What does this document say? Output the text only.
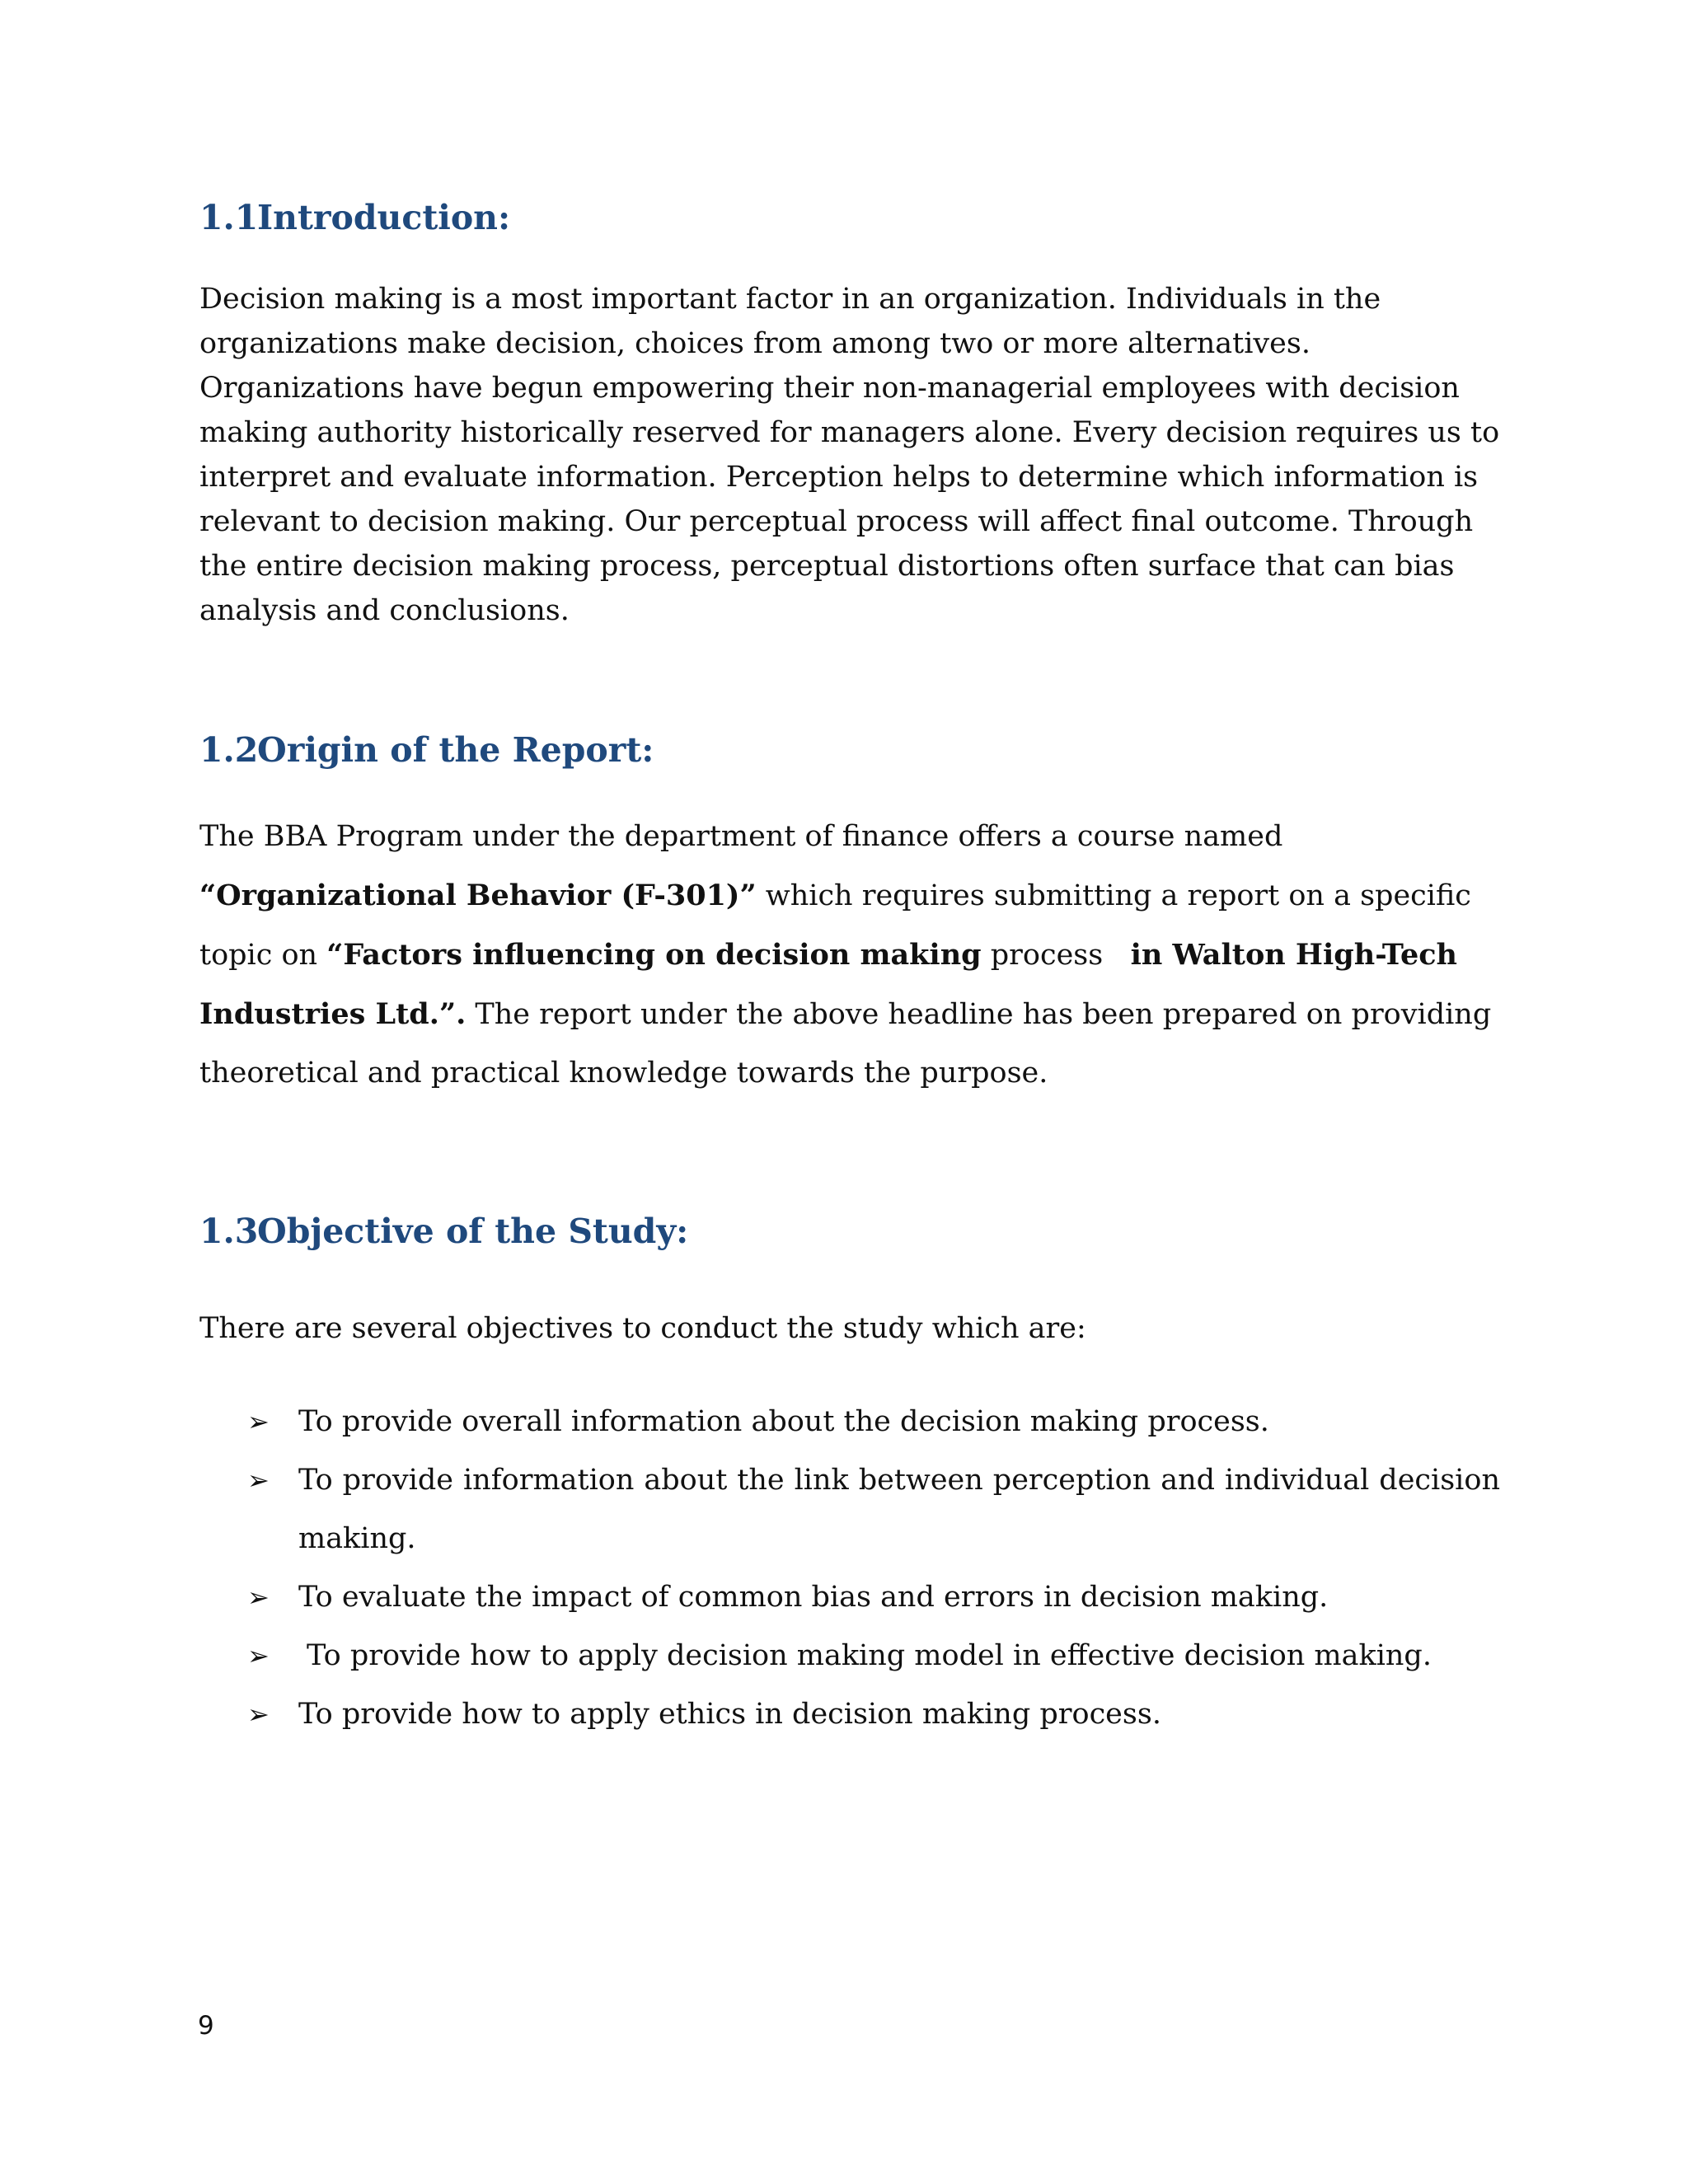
1.1Introduction:

Decision making is a most important factor in an organization. Individuals in the organizations make decision, choices from among two or more alternatives. Organizations have begun empowering their non-managerial employees with decision making authority historically reserved for managers alone. Every decision requires us to interpret and evaluate information. Perception helps to determine which information is relevant to decision making. Our perceptual process will affect final outcome. Through the entire decision making process, perceptual distortions often surface that can bias analysis and conclusions.

1.2Origin of the Report:

The BBA Program under the department of finance offers a course named “Organizational Behavior (F-301)” which requires submitting a report on a specific topic on “Factors influencing on decision making process   in Walton High-Tech Industries Ltd.”. The report under the above headline has been prepared on providing theoretical and practical knowledge towards the purpose.

1.3Objective of the Study:

There are several objectives to conduct the study which are:

➢ To provide overall information about the decision making process.
➢ To provide information about the link between perception and individual decision making.
➢ To evaluate the impact of common bias and errors in decision making.
➢ To provide how to apply decision making model in effective decision making.
➢ To provide how to apply ethics in decision making process.
9
